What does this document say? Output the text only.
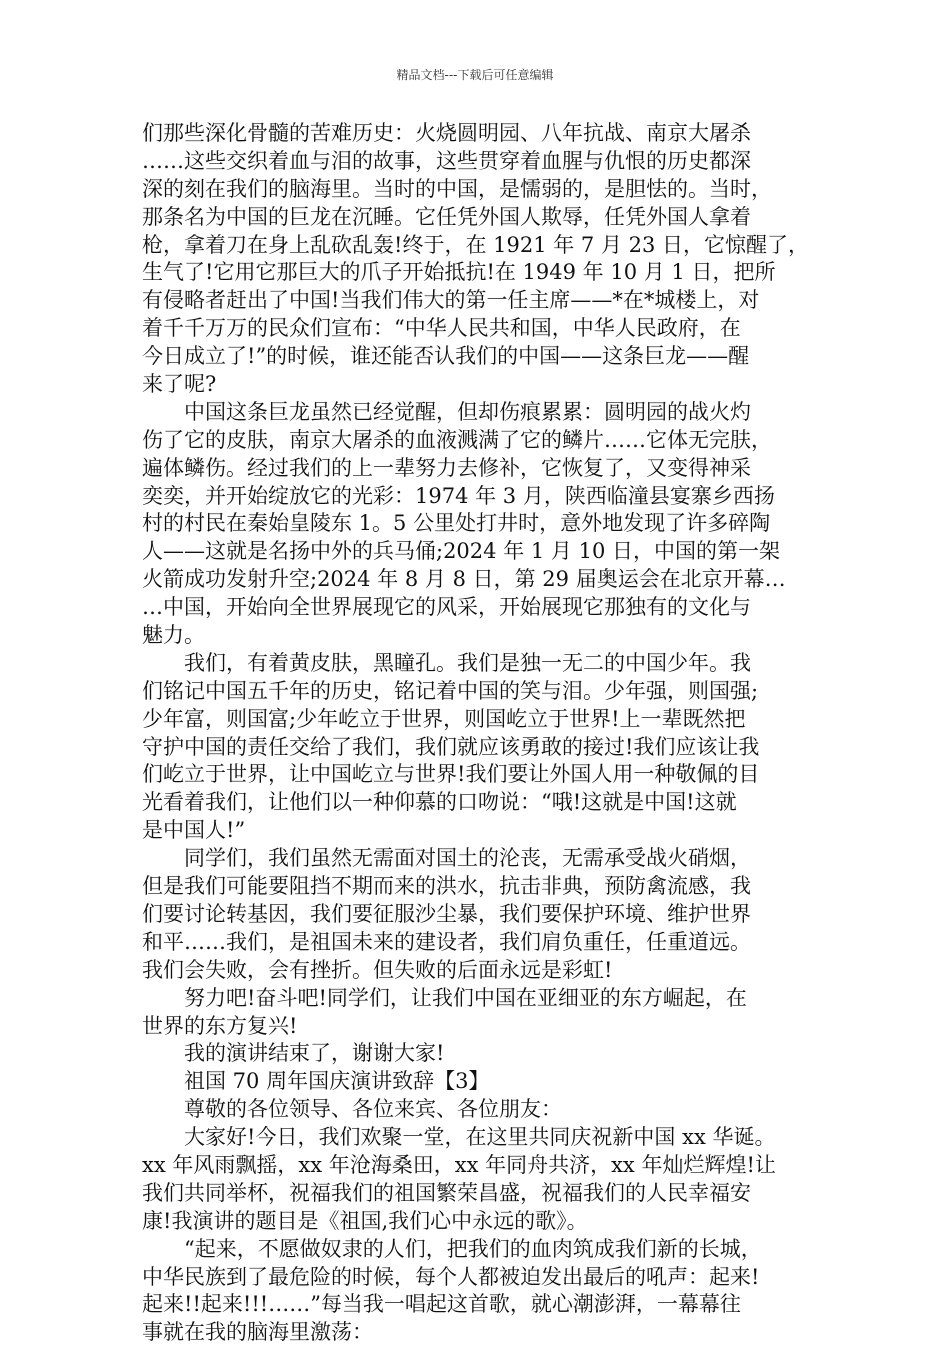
精品文档---下载后可任意编辑
们那些深化骨髓的苦难历史：火烧圆明园、八年抗战、南京大屠杀
……这些交织着血与泪的故事，这些贯穿着血腥与仇恨的历史都深
深的刻在我们的脑海里。当时的中国，是懦弱的，是胆怯的。当时，
那条名为中国的巨龙在沉睡。它任凭外国人欺辱，任凭外国人拿着
枪，拿着刀在身上乱砍乱轰!终于，在 1921 年 7 月 23 日，它惊醒了，
生气了!它用它那巨大的爪子开始抵抗!在 1949 年 10 月 1 日，把所
有侵略者赶出了中国!当我们伟大的第一任主席——*在*城楼上，对
着千千万万的民众们宣布：“中华人民共和国，中华人民政府，在
今日成立了!”的时候，谁还能否认我们的中国——这条巨龙——醒
来了呢?
　　中国这条巨龙虽然已经觉醒，但却伤痕累累：圆明园的战火灼
伤了它的皮肤，南京大屠杀的血液溅满了它的鳞片……它体无完肤，
遍体鳞伤。经过我们的上一辈努力去修补，它恢复了，又变得神采
奕奕，并开始绽放它的光彩：1974 年 3 月，陕西临潼县宴寨乡西扬
村的村民在秦始皇陵东 1。5 公里处打井时，意外地发现了许多碎陶
人——这就是名扬中外的兵马俑;2024 年 1 月 10 日，中国的第一架
火箭成功发射升空;2024 年 8 月 8 日，第 29 届奥运会在北京开幕…
…中国，开始向全世界展现它的风采，开始展现它那独有的文化与
魅力。
　　我们，有着黄皮肤，黑瞳孔。我们是独一无二的中国少年。我
们铭记中国五千年的历史，铭记着中国的笑与泪。少年强，则国强;
少年富，则国富;少年屹立于世界，则国屹立于世界!上一辈既然把
守护中国的责任交给了我们，我们就应该勇敢的接过!我们应该让我
们屹立于世界，让中国屹立与世界!我们要让外国人用一种敬佩的目
光看着我们，让他们以一种仰慕的口吻说：“哦!这就是中国!这就
是中国人!”
　　同学们，我们虽然无需面对国土的沦丧，无需承受战火硝烟，
但是我们可能要阻挡不期而来的洪水，抗击非典，预防禽流感，我
们要讨论转基因，我们要征服沙尘暴，我们要保护环境、维护世界
和平……我们，是祖国未来的建设者，我们肩负重任，任重道远。
我们会失败，会有挫折。但失败的后面永远是彩虹!
　　努力吧!奋斗吧!同学们，让我们中国在亚细亚的东方崛起，在
世界的东方复兴!
　　我的演讲结束了，谢谢大家!
　　祖国 70 周年国庆演讲致辞【3】
　　尊敬的各位领导、各位来宾、各位朋友：
　　大家好!今日，我们欢聚一堂，在这里共同庆祝新中国 xx 华诞。
xx 年风雨飘摇，xx 年沧海桑田，xx 年同舟共济，xx 年灿烂辉煌!让
我们共同举杯，祝福我们的祖国繁荣昌盛，祝福我们的人民幸福安
康!我演讲的题目是《祖国,我们心中永远的歌》。
　　“起来，不愿做奴隶的人们，把我们的血肉筑成我们新的长城，
中华民族到了最危险的时候，每个人都被迫发出最后的吼声：起来!
起来!!起来!!!……”每当我一唱起这首歌，就心潮澎湃，一幕幕往
事就在我的脑海里激荡：
